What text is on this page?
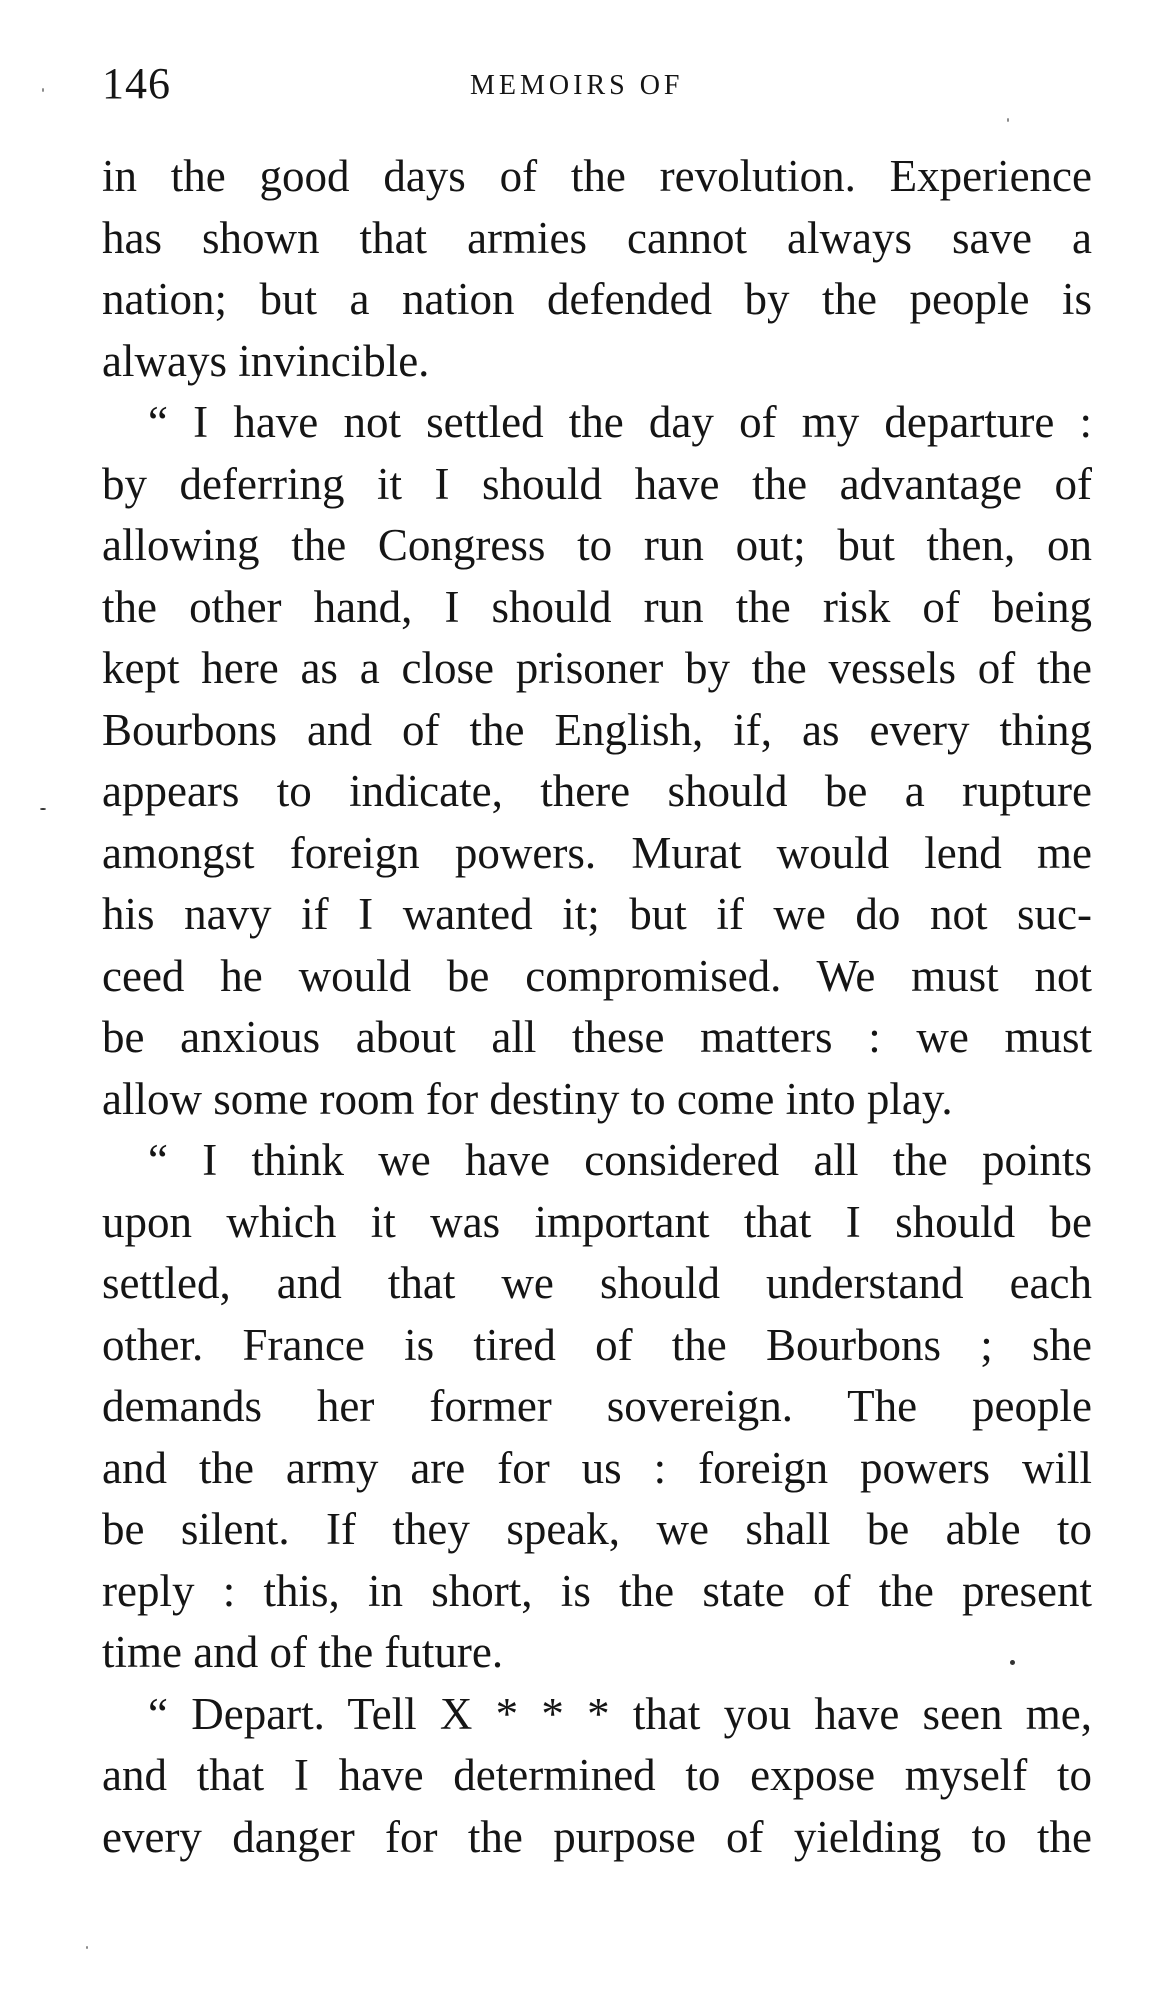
146	MEMOIRS OF
in the good days of the revolution. Experience
has shown that armies cannot always save a
nation; but a nation defended by the people is
always invincible.
“ I have not settled the day of my departure :
by deferring it I should have the advantage of
allowing the Congress to run out; but then, on
the other hand, I should run the risk of being
kept here as a close prisoner by the vessels of the
Bourbons and of the English, if, as every thing
appears to indicate, there should be a rupture
amongst foreign powers. Murat would lend me
his navy if I wanted it; but if we do not suc-
ceed he would be compromised. We must not
be anxious about all these matters : we must
allow some room for destiny to come into play.
“ I think we have considered all the points
upon which it was important that I should be
settled, and that we should understand each
other. France is tired of the Bourbons ; she
demands her former sovereign. The people
and the army are for us : foreign powers will
be silent. If they speak, we shall be able to
reply : this, in short, is the state of the present
time and of the future.
“ Depart. Tell X * * * that you have seen me,
and that I have determined to expose myself to
every danger for the purpose of yielding to the
